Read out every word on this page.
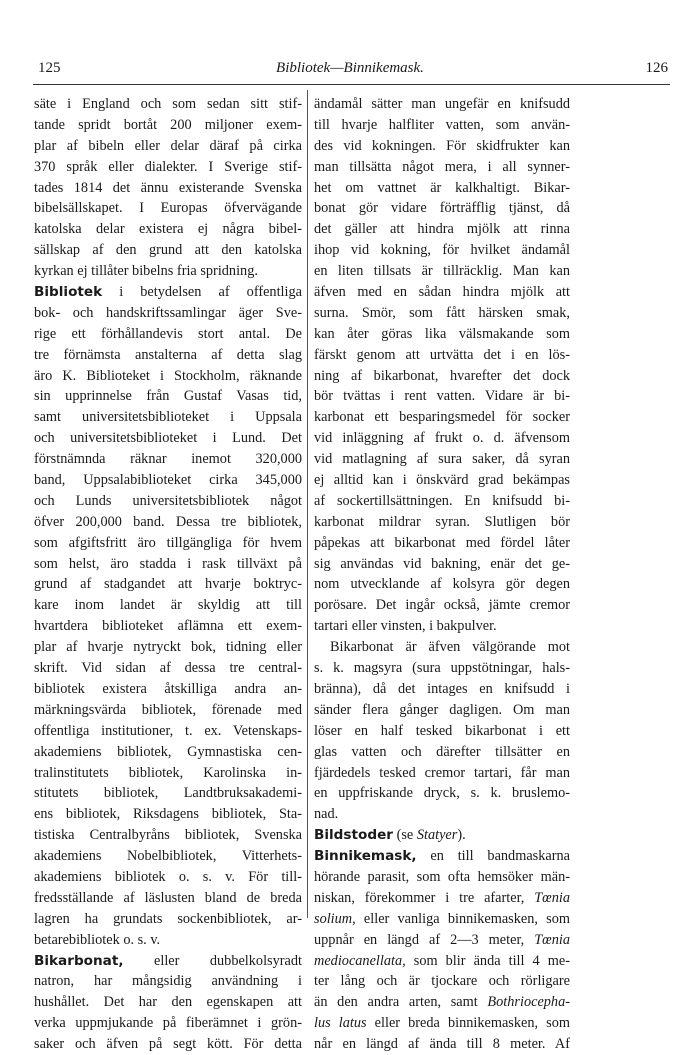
125	Bibliotek—Binnikemask.	126
säte i England och som sedan sitt stif-
tande spridt bortåt 200 miljoner exem-
plar af bibeln eller delar däraf på cirka
370 språk eller dialekter. I Sverige stif-
tades 1814 det ännu existerande Svenska
bibelsällskapet. I Europas öfvervägande
katolska delar existera ej några bibel-
sällskap af den grund att den katolska
kyrkan ej tillåter bibelns fria spridning.
Bibliotek i betydelsen af offentliga
bok- och handskriftssamlingar äger Sve-
rige ett förhållandevis stort antal. De
tre förnämsta anstalterna af detta slag
äro K. Biblioteket i Stockholm, räknande
sin upprinnelse från Gustaf Vasas tid,
samt universitetsbiblioteket i Uppsala
och universitetsbiblioteket i Lund. Det
förstnämnda räknar inemot 320,000
band, Uppsalabiblioteket cirka 345,000
och Lunds universitetsbibliotek något
öfver 200,000 band. Dessa tre bibliotek,
som afgiftsfritt äro tillgängliga för hvem
som helst, äro stadda i rask tillväxt på
grund af stadgandet att hvarje boktryc-
kare inom landet är skyldig att till
hvartdera biblioteket aflämna ett exem-
plar af hvarje nytryckt bok, tidning eller
skrift. Vid sidan af dessa tre central-
bibliotek existera åtskilliga andra an-
märkningsvärda bibliotek, förenade med
offentliga institutioner, t. ex. Vetenskaps-
akademiens bibliotek, Gymnastiska cen-
tralinstitutets bibliotek, Karolinska in-
stitutets bibliotek, Landtbruksakademi-
ens bibliotek, Riksdagens bibliotek, Sta-
tistiska Centralbyråns bibliotek, Svenska
akademiens Nobelbibliotek, Vitterhets-
akademiens bibliotek o. s. v. För till-
fredsställande af läslusten bland de breda
lagren ha grundats sockenbibliotek, ar-
betarebibliotek o. s. v.
Bikarbonat, eller dubbelkolsyradt
natron, har mångsidig användning i
hushållet. Det har den egenskapen att
verka uppmjukande på fiberämnet i grön-
saker och äfven på segt kött. För detta
ändamål sätter man ungefär en knifsudd
till hvarje halfliter vatten, som använ-
des vid kokningen. För skidfrukter kan
man tillsätta något mera, i all synner-
het om vattnet är kalkhaltigt. Bikar-
bonat gör vidare förträfflig tjänst, då
det gäller att hindra mjölk att rinna
ihop vid kokning, för hvilket ändamål
en liten tillsats är tillräcklig. Man kan
äfven med en sådan hindra mjölk att
surna. Smör, som fått härsken smak,
kan åter göras lika välsmakande som
färskt genom att urtvätta det i en lös-
ning af bikarbonat, hvarefter det dock
bör tvättas i rent vatten. Vidare är bi-
karbonat ett besparingsmedel för socker
vid inläggning af frukt o. d. äfvensom
vid matlagning af sura saker, då syran
ej alltid kan i önskvärd grad bekämpas
af sockertillsättningen. En knifsudd bi-
karbonat mildrar syran. Slutligen bör
påpekas att bikarbonat med fördel låter
sig användas vid bakning, enär det ge-
nom utvecklande af kolsyra gör degen
porösare. Det ingår också, jämte cremor
tartari eller vinsten, i bakpulver.
Bikarbonat är äfven välgörande mot
s. k. magsyra (sura uppstötningar, hals-
bränna), då det intages en knifsudd i
sänder flera gånger dagligen. Om man
löser en half tesked bikarbonat i ett
glas vatten och därefter tillsätter en
fjärdedels tesked cremor tartari, får man
en uppfriskande dryck, s. k. bruslemo-
nad.
Bildstoder (se Statyer).
Binnikemask, en till bandmaskarna
hörande parasit, som ofta hemsöker män-
niskan, förekommer i tre afarter, Tœnia
solium, eller vanliga binnikemasken, som
uppnår en längd af 2—3 meter, Tœnia
mediocanellata, som blir ända till 4 me-
ter lång och är tjockare och rörligare
än den andra arten, samt Bothriocepha-
lus latus eller breda binnikemasken, som
når en längd af ända till 8 meter. Af
